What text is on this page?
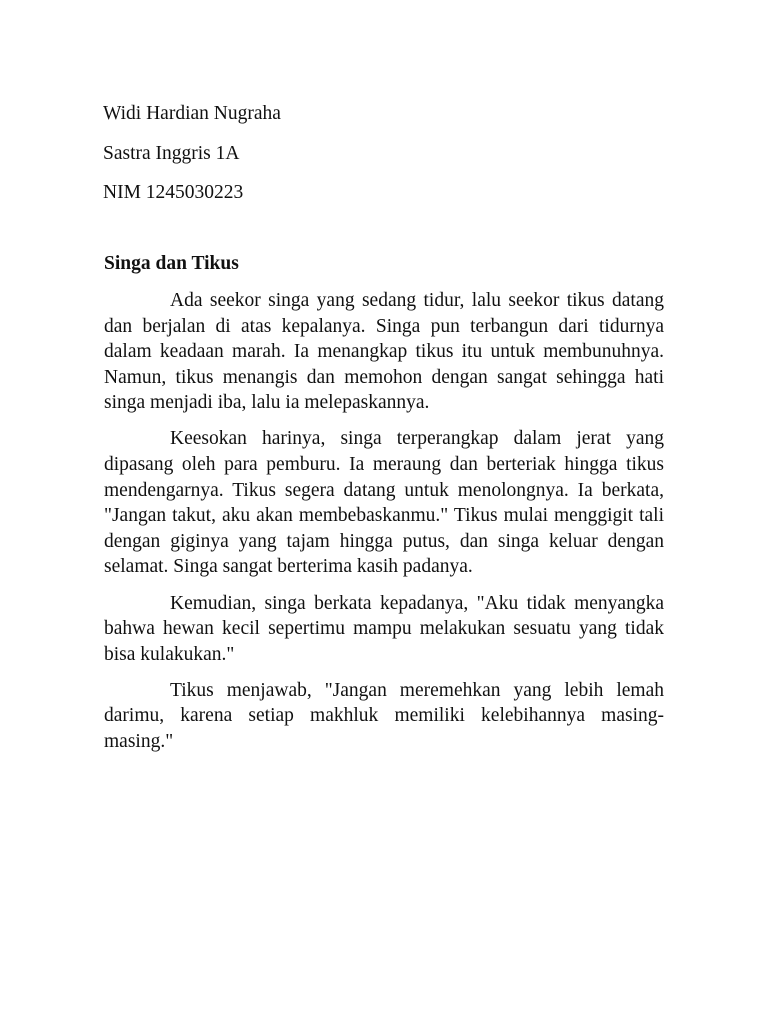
Widi Hardian Nugraha
Sastra Inggris 1A
NIM 1245030223
Singa dan Tikus

Ada seekor singa yang sedang tidur, lalu seekor tikus datang dan berjalan di atas kepalanya. Singa pun terbangun dari tidurnya dalam keadaan marah. Ia menangkap tikus itu untuk membunuhnya. Namun, tikus menangis dan memohon dengan sangat sehingga hati singa menjadi iba, lalu ia melepaskannya.

Keesokan harinya, singa terperangkap dalam jerat yang dipasang oleh para pemburu. Ia meraung dan berteriak hingga tikus mendengarnya. Tikus segera datang untuk menolongnya. Ia berkata, "Jangan takut, aku akan membebaskanmu." Tikus mulai menggigit tali dengan giginya yang tajam hingga putus, dan singa keluar dengan selamat. Singa sangat berterima kasih padanya.

Kemudian, singa berkata kepadanya, "Aku tidak menyangka bahwa hewan kecil sepertimu mampu melakukan sesuatu yang tidak bisa kulakukan."

Tikus menjawab, "Jangan meremehkan yang lebih lemah darimu, karena setiap makhluk memiliki kelebihannya masing-masing."
